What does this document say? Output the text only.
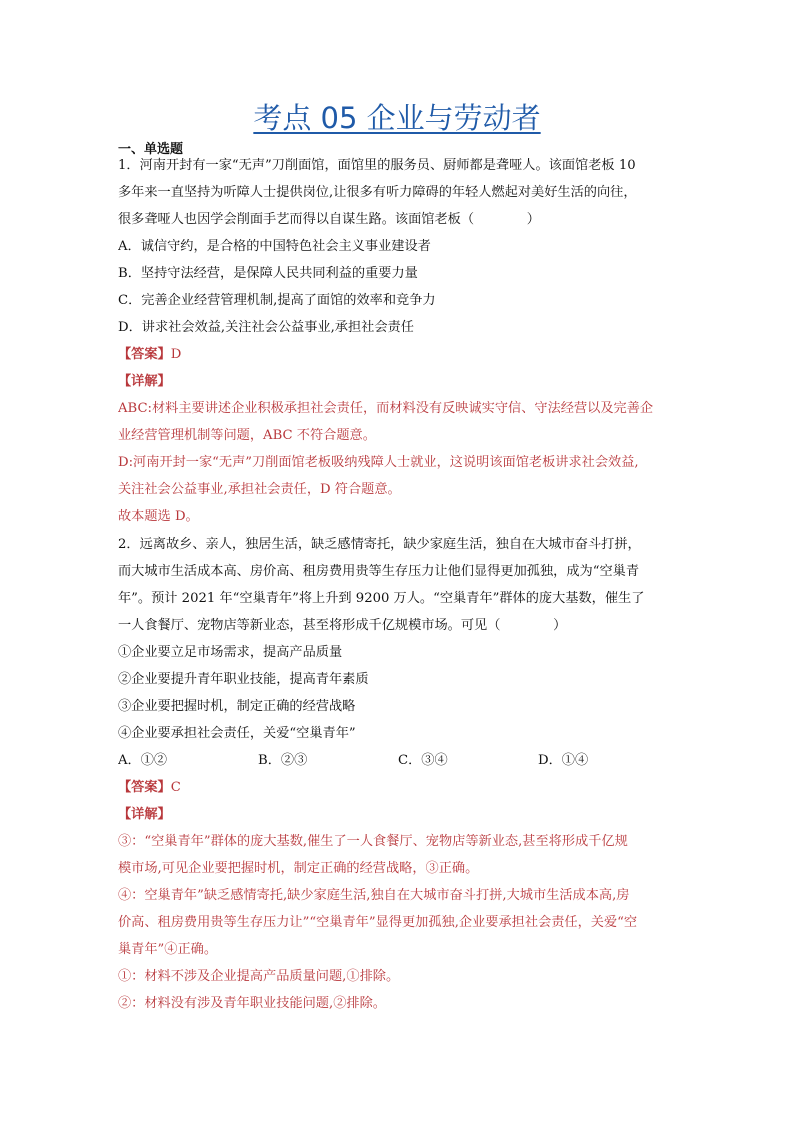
考点 05 企业与劳动者
一、单选题
1．河南开封有一家“无声”刀削面馆，面馆里的服务员、厨师都是聋哑人。该面馆老板 10
多年来一直坚持为听障人士提供岗位,让很多有听力障碍的年轻人燃起对美好生活的向往，
很多聋哑人也因学会削面手艺而得以自谋生路。该面馆老板（　　　　）
A．诚信守约，是合格的中国特色社会主义事业建设者
B．坚持守法经营，是保障人民共同利益的重要力量
C．完善企业经营管理机制,提高了面馆的效率和竞争力
D．讲求社会效益,关注社会公益事业,承担社会责任
【答案】D
【详解】
ABC:材料主要讲述企业积极承担社会责任，而材料没有反映诚实守信、守法经营以及完善企
业经营管理机制等问题，ABC 不符合题意。
D:河南开封一家“无声”刀削面馆老板吸纳残障人士就业，这说明该面馆老板讲求社会效益,
关注社会公益事业,承担社会责任，D 符合题意。
故本题选 D。
2．远离故乡、亲人，独居生活，缺乏感情寄托，缺少家庭生活，独自在大城市奋斗打拼，
而大城市生活成本高、房价高、租房费用贵等生存压力让他们显得更加孤独，成为“空巢青
年”。预计 2021 年“空巢青年”将上升到 9200 万人。“空巢青年”群体的庞大基数，催生了
一人食餐厅、宠物店等新业态，甚至将形成千亿规模市场。可见（　　　　）
①企业要立足市场需求，提高产品质量
②企业要提升青年职业技能，提高青年素质
③企业要把握时机，制定正确的经营战略
④企业要承担社会责任，关爱“空巢青年”
A．①②	B．②③	C．③④	D．①④
【答案】C
【详解】
③：“空巢青年”群体的庞大基数,催生了一人食餐厅、宠物店等新业态,甚至将形成千亿规
模市场,可见企业要把握时机，制定正确的经营战略，③正确。
④：空巢青年”缺乏感情寄托,缺少家庭生活,独自在大城市奋斗打拼,大城市生活成本高,房
价高、租房费用贵等生存压力让”“空巢青年”显得更加孤独,企业要承担社会责任，关爱“空
巢青年”④正确。
①：材料不涉及企业提高产品质量问题,①排除。
②：材料没有涉及青年职业技能问题,②排除。
